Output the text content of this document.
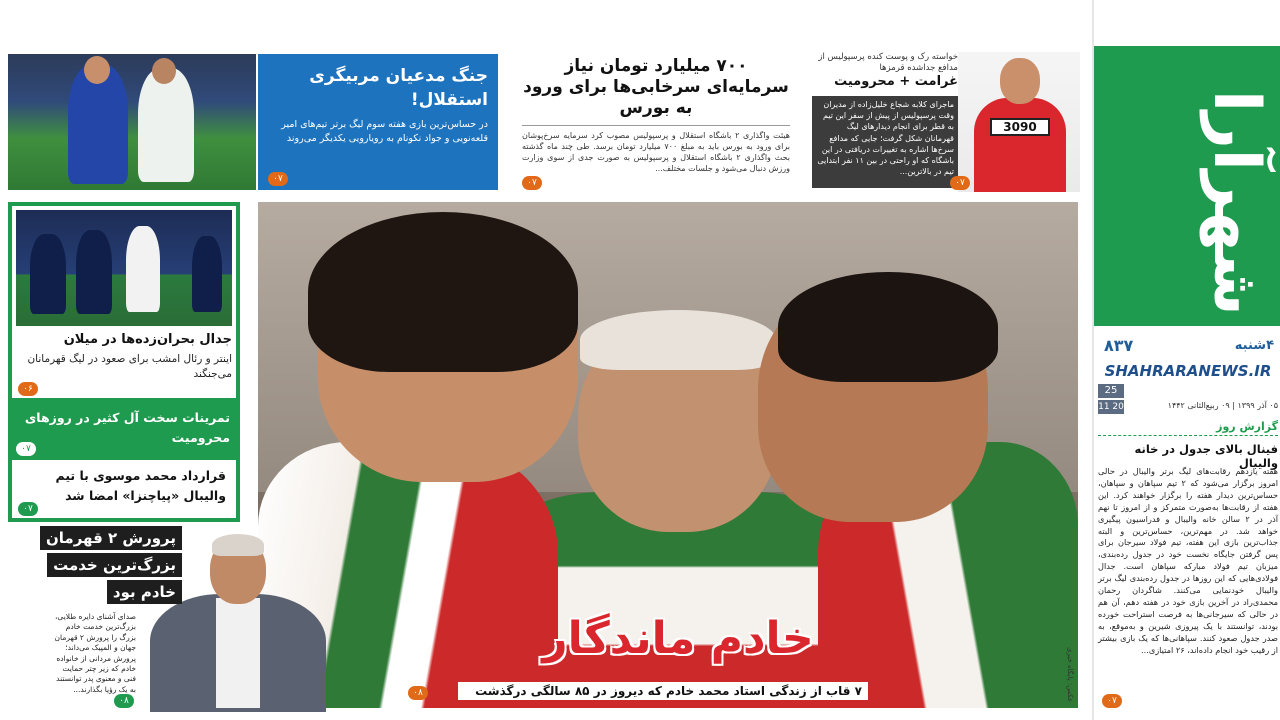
شهرآرا
۴شنبه
۸۳۷
SHAHRARANEWS.IR
25
11 20	۰۵ آذر ۱۳۹۹ | ۰۹ ربیع‌الثانی ۱۴۴۲
گزارش روز
فینال بالای جدول در خانه والیبال
هفته یازدهم رقابت‌های لیگ برتر والیبال در حالی امروز برگزار می‌شود که ۲ تیم سپاهان و سپاهان، حساس‌ترین دیدار هفته را برگزار خواهند کرد. این هفته از رقابت‌ها به‌صورت متمرکز و از امروز تا نهم آذر در ۲ سالن خانه والیبال و فدراسیون پیگیری خواهد شد. در مهم‌ترین، حساس‌ترین و البته جذاب‌ترین بازی این هفته، تیم فولاد سیرجان برای پس گرفتن جایگاه نخست خود در جدول رده‌بندی، میزبان تیم فولاد مبارکه سپاهان است. جدال فولادی‌هایی که این روزها در جدول رده‌بندی لیگ برتر والیبال خودنمایی می‌کنند. شاگردان رحمان محمدی‌راد در آخرین بازی خود در هفته دهم، آن هم در حالی که سیرجانی‌ها به فرصت استراحت خورده بودند، توانستند با یک پیروزی شیرین و به‌موقع، به صدر جدول صعود کنند. سپاهانی‌ها که یک بازی بیشتر از رقیب خود انجام داده‌اند، ۲۶ امتیازی...
۰۷
جنگ مدعیان مربیگری استقلال!

در حساس‌ترین بازی هفته سوم لیگ برتر تیم‌های امیر قلعه‌نویی و جواد نکونام به رویارویی یکدیگر می‌روند

۰۷
۷۰۰ میلیارد تومان نیاز سرمایه‌ای سرخابی‌ها برای ورود به بورس
هیئت واگذاری ۲ باشگاه استقلال و پرسپولیس مصوب کرد سرمایه سرخ‌پوشان برای ورود به بورس باید به مبلغ ۷۰۰ میلیارد تومان برسد. طی چند ماه گذشته بحث واگذاری ۲ باشگاه استقلال و پرسپولیس به صورت جدی از سوی وزارت ورزش دنبال می‌شود و جلسات مختلف...
۰۷
خواسته رک و پوست کنده پرسپولیس از مدافع جداشده قرمزها
غرامت + محرومیت
ماجرای کلابه شجاع خلیل‌زاده از مدیران وقت پرسپولیس از پیش از سفر این تیم به قطر برای انجام دیدارهای لیگ قهرمانان شکل گرفت؛ جایی که مدافع سرخ‌ها اشاره به تغییرات دریافتی در این باشگاه که او راحتی در بین ۱۱ نفر ابتدایی تیم در بالاترین...
3090
۰۷
خادم ماندگار
۷ قاب از زندگی استاد محمد خادم که دیروز در ۸۵ سالگی درگذشت	عکس: پایگاه خبری
۰۸
جدال بحران‌زده‌ها در میلان
اینتر و رئال امشب برای صعود در لیگ قهرمانان می‌جنگند
۰۶
تمرینات سخت آل کثیر در روزهای محرومیت
۰۷
قرارداد محمد موسوی با تیم والیبال «پیاچنزا» امضا شد
۰۷
پرورش ۲ قهرمان
بزرگ‌ترین خدمت
خادم بود
صدای آشنای دایره طلایی، بزرگ‌ترین خدمت خادم بزرگ را پرورش ۲ قهرمان جهان و المپیک می‌داند؛ پرورش مردانی از خانواده خادم که زیر چتر حمایت فنی و معنوی پدر توانستند به یک رؤیا بگذارند...
۰۸
